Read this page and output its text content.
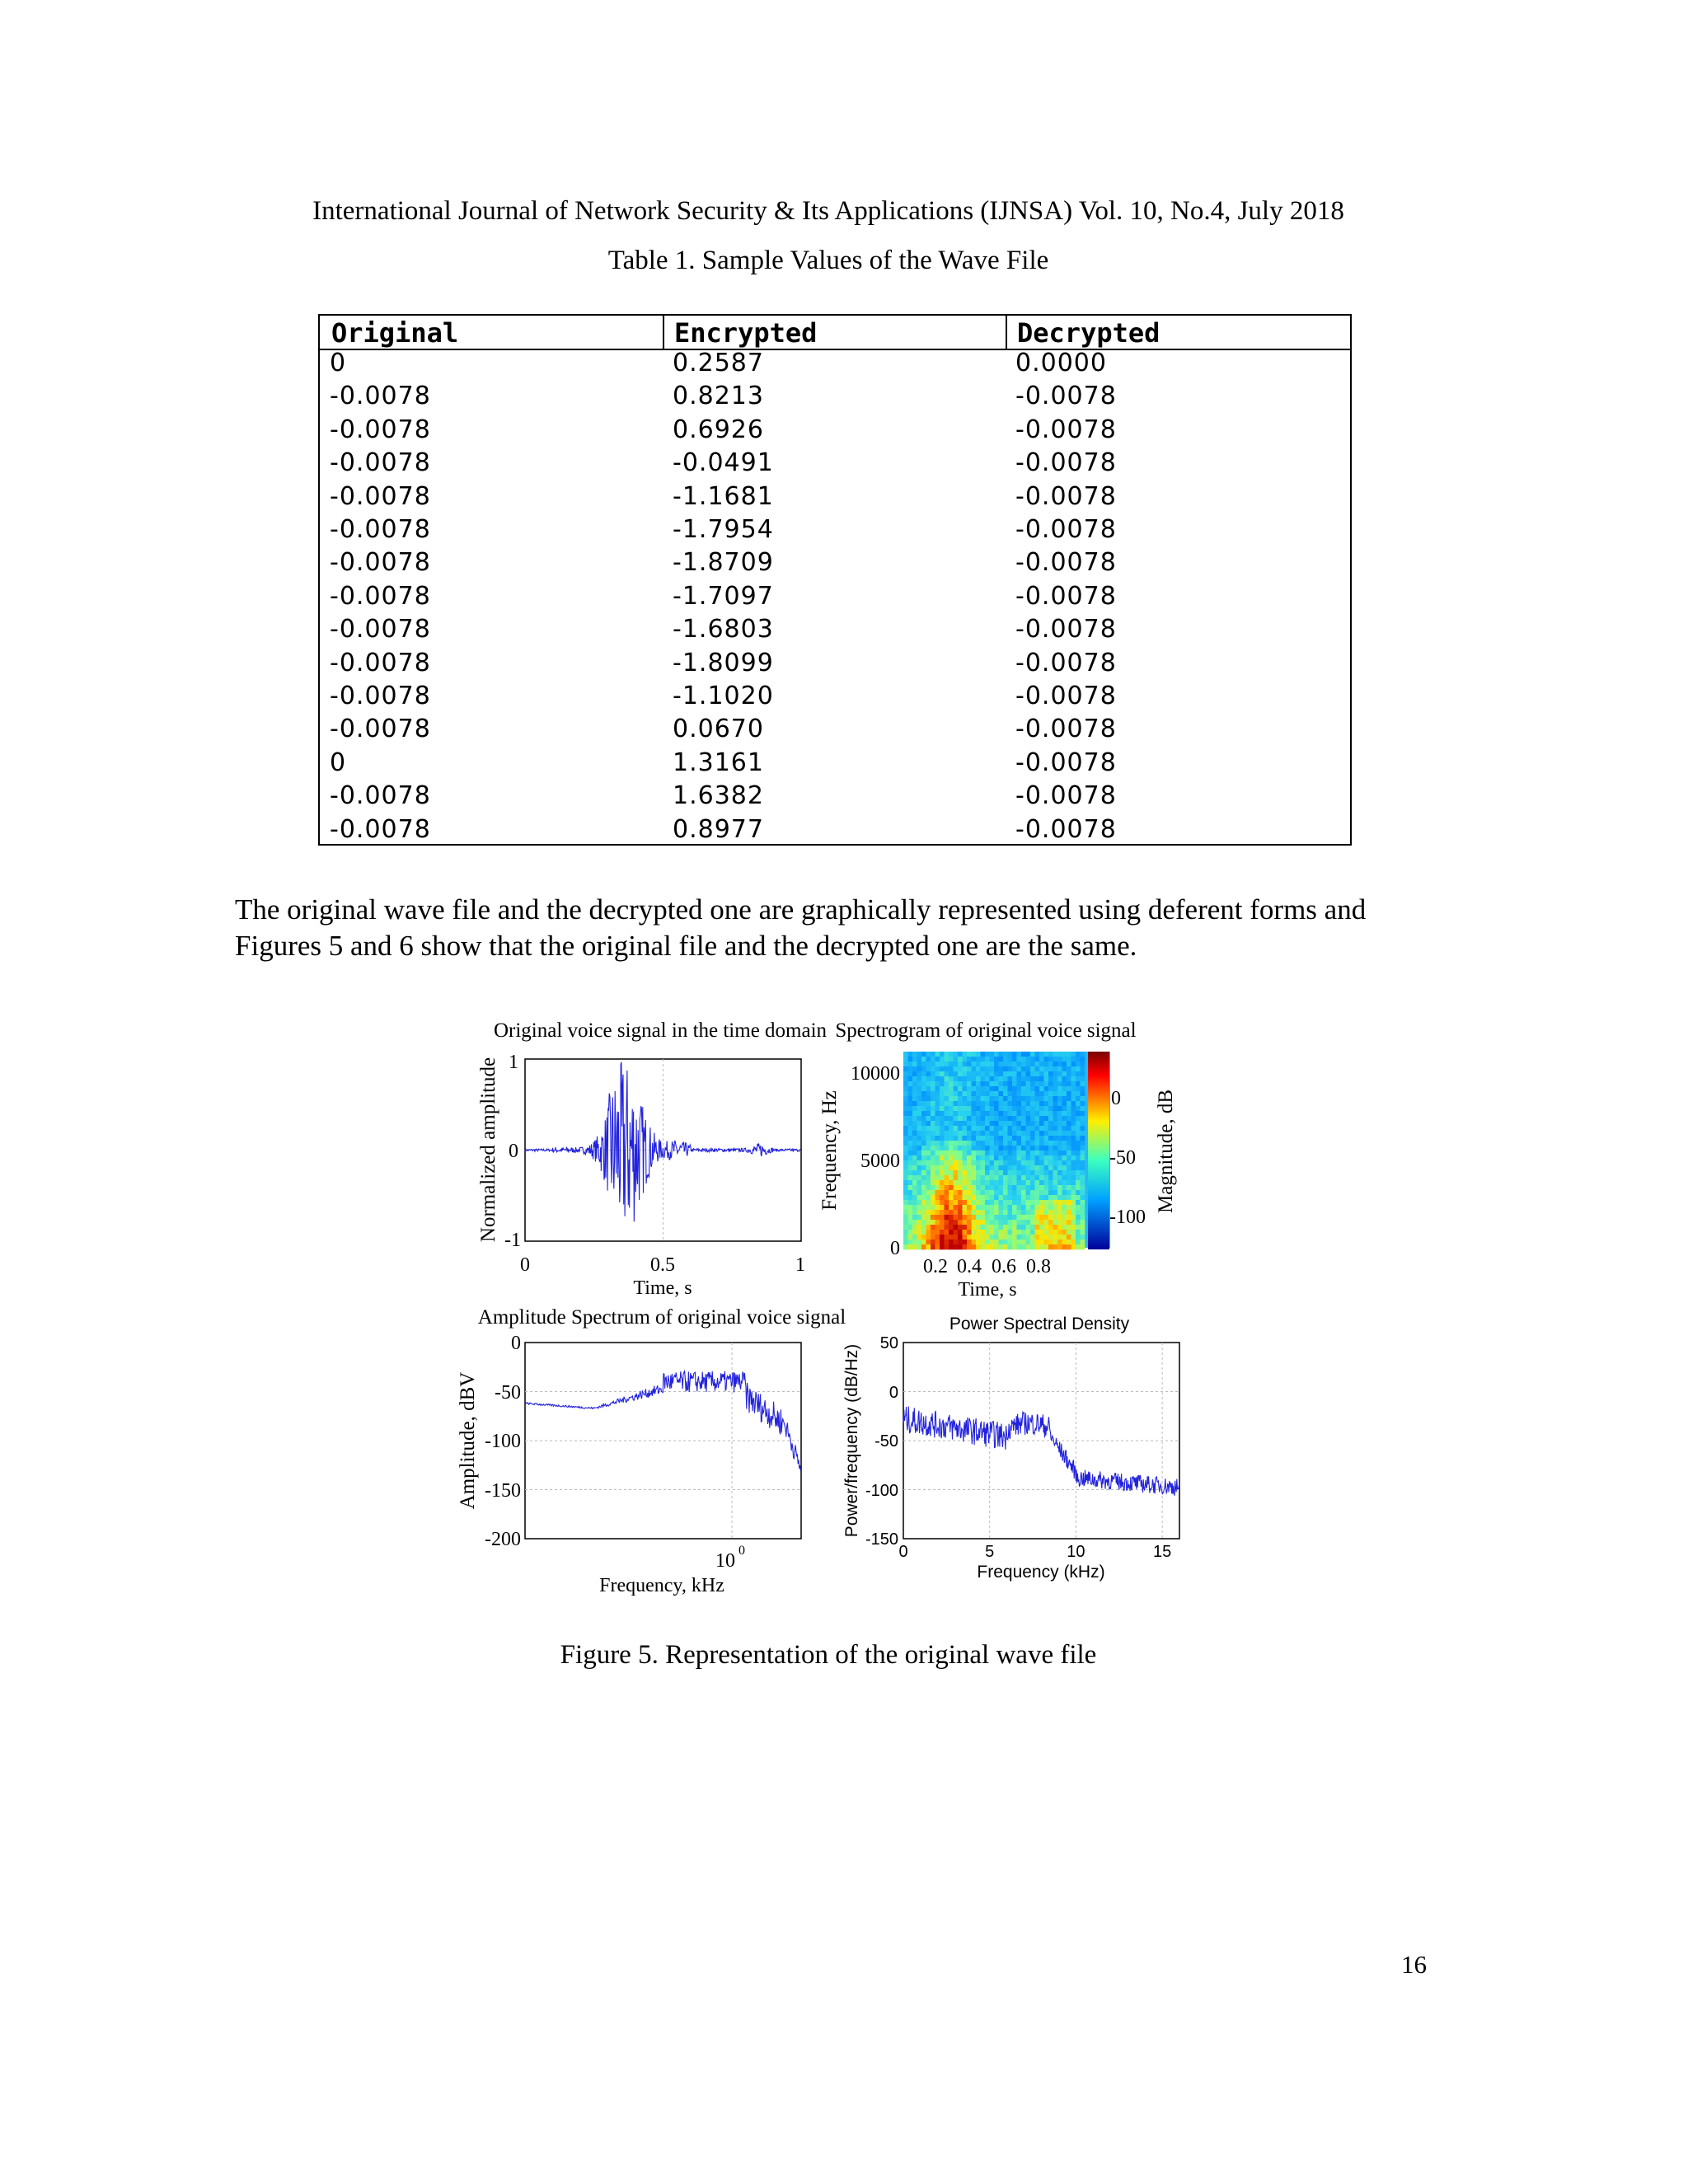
International Journal of Network Security & Its Applications (IJNSA) Vol. 10, No.4, July 2018
Table 1. Sample Values of the Wave File
Original	Encrypted	Decrypted
0	0.2587	0.0000
-0.0078	0.8213	-0.0078
-0.0078	0.6926	-0.0078
-0.0078	-0.0491	-0.0078
-0.0078	-1.1681	-0.0078
-0.0078	-1.7954	-0.0078
-0.0078	-1.8709	-0.0078
-0.0078	-1.7097	-0.0078
-0.0078	-1.6803	-0.0078
-0.0078	-1.8099	-0.0078
-0.0078	-1.1020	-0.0078
-0.0078	0.0670	-0.0078
0	1.3161	-0.0078
-0.0078	1.6382	-0.0078
-0.0078	0.8977	-0.0078
The original wave file and the decrypted one are graphically represented using deferent forms and Figures 5 and 6 show that the original file and the decrypted one are the same.
Original voice signal in the time domain
1
0
-1
0	0.5	1
Time, s
Normalized amplitude
Spectrogram of original voice signal
10000
5000
0
0.2 0.4 0.6 0.8
Time, s
Frequency, Hz	0
-50
-100
Magnitude, dB
Amplitude Spectrum of original voice signal
0
-50
-100
-150
-200
10 0
Frequency, kHz
Amplitude, dBV
Power Spectral Density
50
0
-50
-100
-150
0	5	10	15
Frequency (kHz)
Power/frequency (dB/Hz)
Figure 5. Representation of the original wave file
16
